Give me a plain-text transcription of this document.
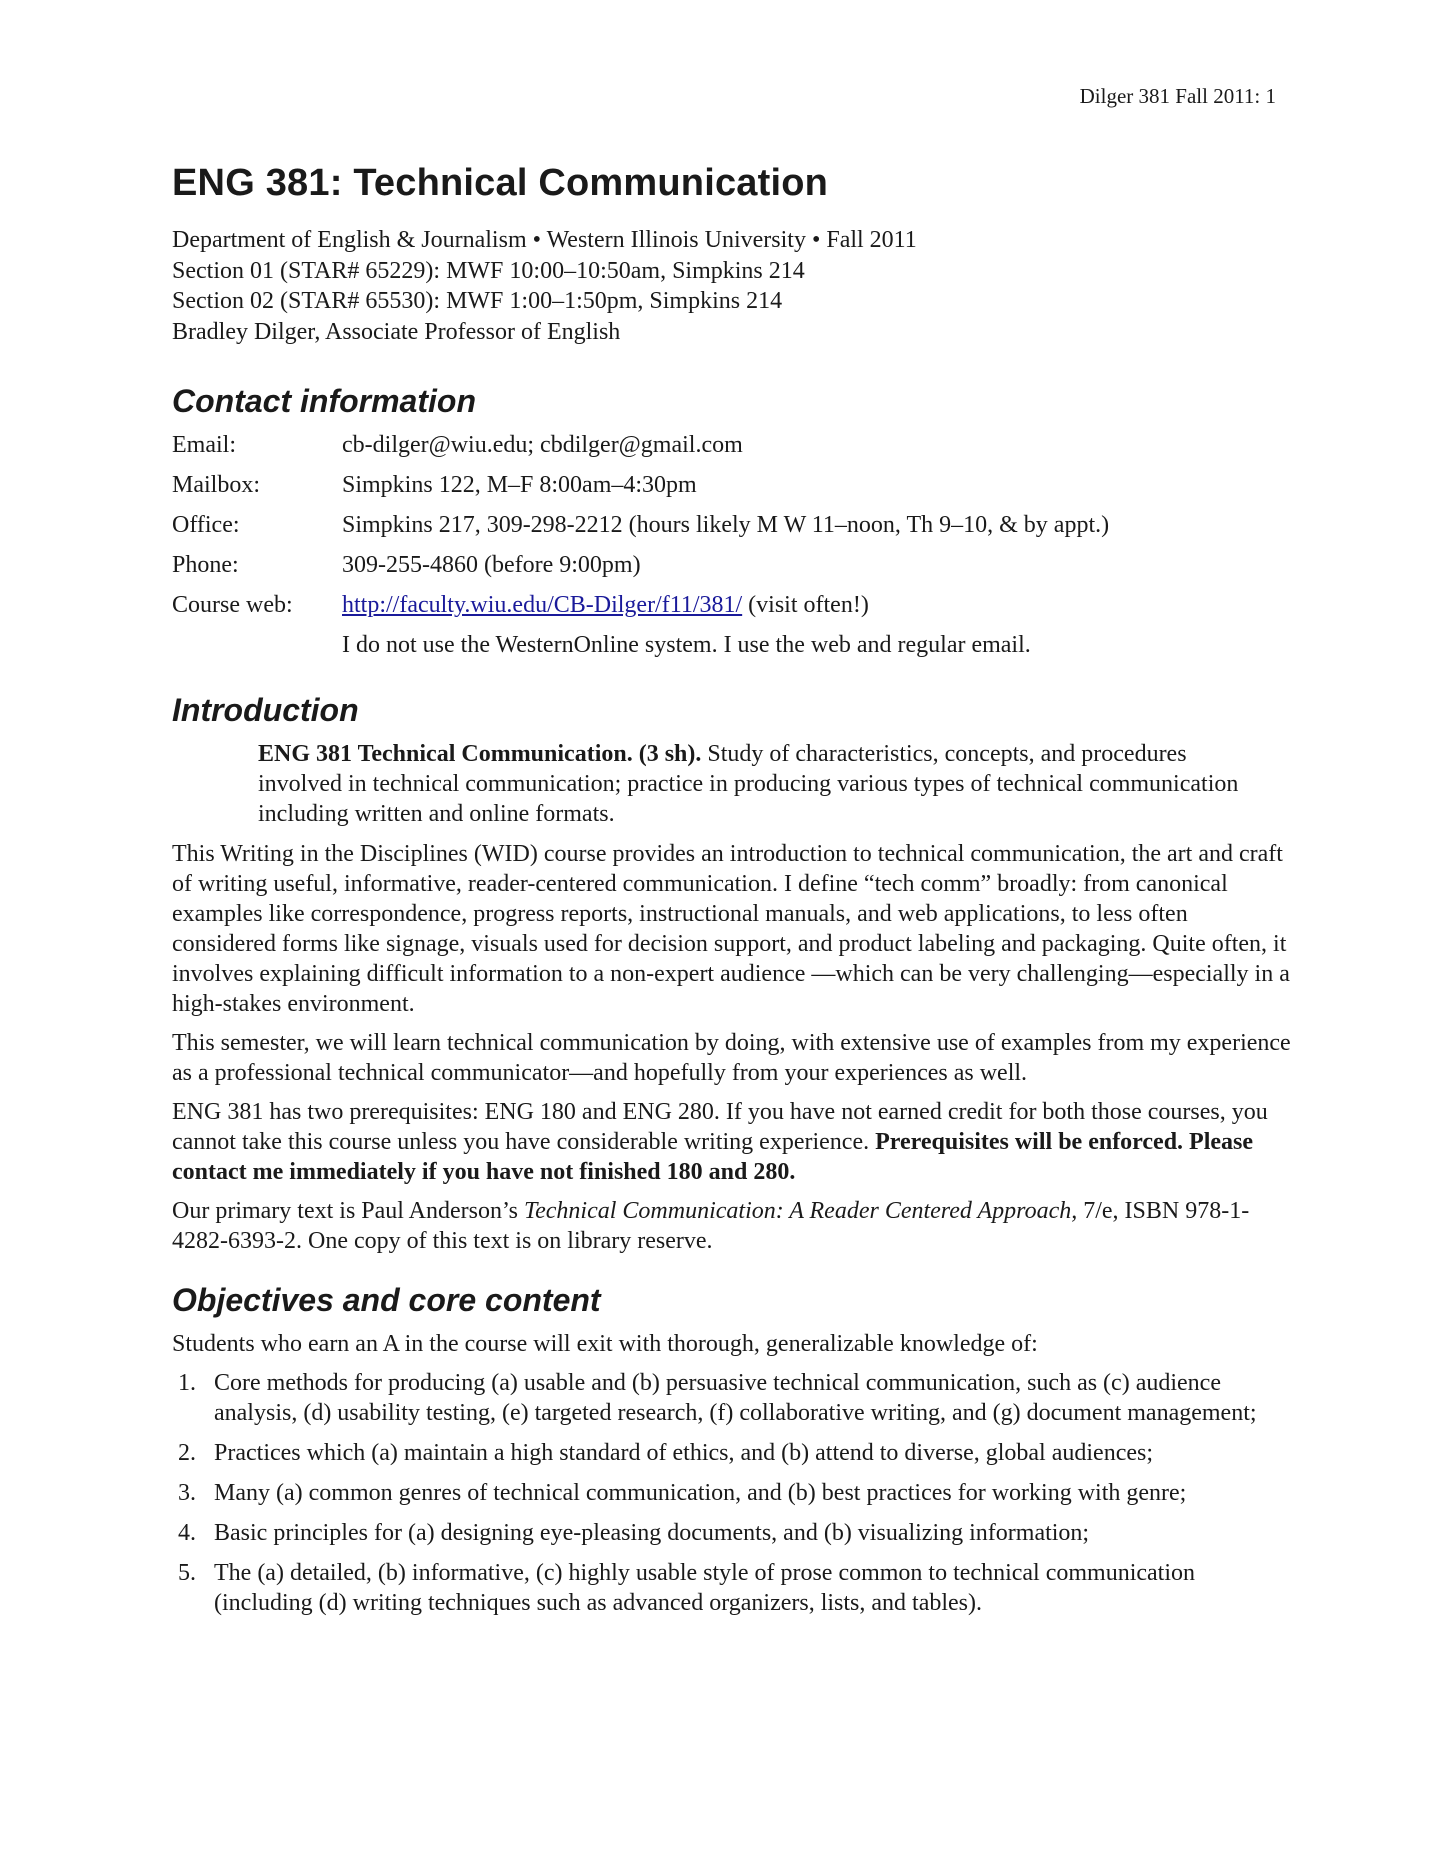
Dilger 381 Fall 2011: 1
ENG 381: Technical Communication

Department of English & Journalism • Western Illinois University • Fall 2011

Section 01 (STAR# 65229): MWF 10:00–10:50am, Simpkins 214

Section 02 (STAR# 65530): MWF 1:00–1:50pm, Simpkins 214

Bradley Dilger, Associate Professor of English

Contact information
Email:	cb-dilger@wiu.edu; cbdilger@gmail.com
Mailbox:	Simpkins 122, M–F 8:00am–4:30pm
Office:	Simpkins 217, 309-298-2212 (hours likely M W 11–noon, Th 9–10, & by appt.)
Phone:	309-255-4860 (before 9:00pm)
Course web:	http://faculty.wiu.edu/CB-Dilger/f11/381/ (visit often!)
	I do not use the WesternOnline system. I use the web and regular email.
Introduction
ENG 381 Technical Communication. (3 sh). Study of characteristics, concepts, and procedures involved in technical communication; practice in producing various types of technical communication including written and online formats.

This Writing in the Disciplines (WID) course provides an introduction to technical communication, the art and craft of writing useful, informative, reader-centered communication. I define “tech comm” broadly: from canonical examples like correspondence, progress reports, instructional manuals, and web applications, to less often considered forms like signage, visuals used for decision support, and product labeling and packaging. Quite often, it involves explaining difficult information to a non-expert audience —which can be very challenging—especially in a high-stakes environment.

This semester, we will learn technical communication by doing, with extensive use of examples from my experience as a professional technical communicator—and hopefully from your experiences as well.

ENG 381 has two prerequisites: ENG 180 and ENG 280. If you have not earned credit for both those courses, you cannot take this course unless you have considerable writing experience. Prerequisites will be enforced. Please contact me immediately if you have not finished 180 and 280.

Our primary text is Paul Anderson’s Technical Communication: A Reader Centered Approach, 7/e, ISBN 978-1-4282-6393-2. One copy of this text is on library reserve.

Objectives and core content

Students who earn an A in the course will exit with thorough, generalizable knowledge of:

1. Core methods for producing (a) usable and (b) persuasive technical communication, such as (c) audience analysis, (d) usability testing, (e) targeted research, (f) collaborative writing, and (g) document management;
2. Practices which (a) maintain a high standard of ethics, and (b) attend to diverse, global audiences;
3. Many (a) common genres of technical communication, and (b) best practices for working with genre;
4. Basic principles for (a) designing eye-pleasing documents, and (b) visualizing information;
5. The (a) detailed, (b) informative, (c) highly usable style of prose common to technical communication (including (d) writing techniques such as advanced organizers, lists, and tables).
